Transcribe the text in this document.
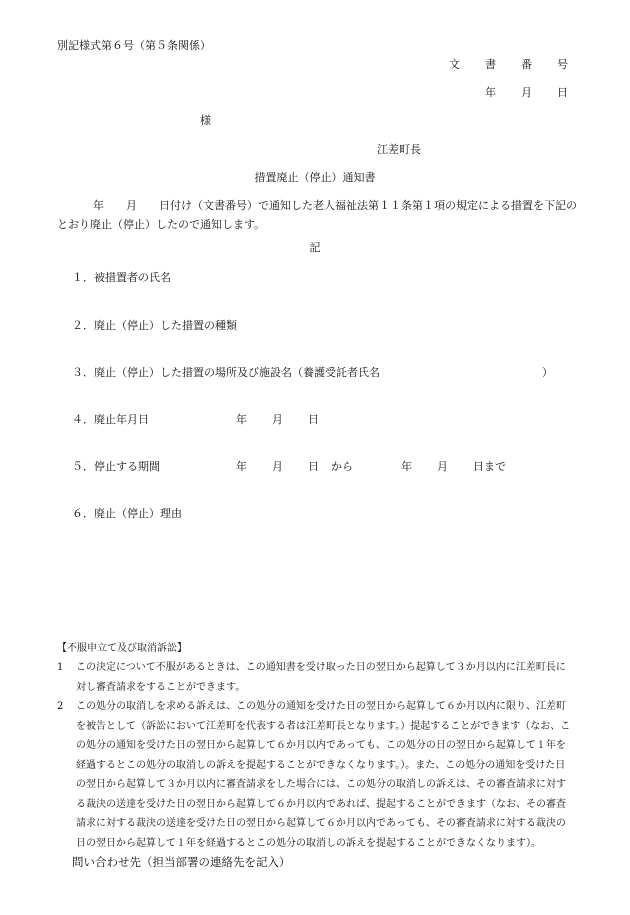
別記様式第６号（第５条関係）
文 書 番 号
年 月 日
様
江差町長
措置廃止（停止）通知書
年　　月　　日付け（文書番号）で通知した老人福祉法第１１条第１項の規定による措置を下記のとおり廃止（停止）したので通知します。
記
１．被措置者の氏名
２．廃止（停止）した措置の種類
３．廃止（停止）した措置の場所及び施設名（養護受託者氏名	）
４．廃止年月日	年 月 日
５．停止する期間	年 月 日 から	年 月 日まで
６．廃止（停止）理由
【不服申立て及び取消訴訟】
1	この決定について不服があるときは、この通知書を受け取った日の翌日から起算して３か月以内に江差町長に対し審査請求をすることができます。
2	この処分の取消しを求める訴えは、この処分の通知を受けた日の翌日から起算して６か月以内に限り、江差町を被告として（訴訟において江差町を代表する者は江差町長となります。）提起することができます（なお、この処分の通知を受けた日の翌日から起算して６か月以内であっても、この処分の日の翌日から起算して１年を経過するとこの処分の取消しの訴えを提起することができなくなります。）。また、この処分の通知を受けた日の翌日から起算して３か月以内に審査請求をした場合には、この処分の取消しの訴えは、その審査請求に対する裁決の送達を受けた日の翌日から起算して６か月以内であれば、提起することができます（なお、その審査請求に対する裁決の送達を受けた日の翌日から起算して６か月以内であっても、その審査請求に対する裁決の日の翌日から起算して１年を経過するとこの処分の取消しの訴えを提起することができなくなります）。
問い合わせ先（担当部署の連絡先を記入）
